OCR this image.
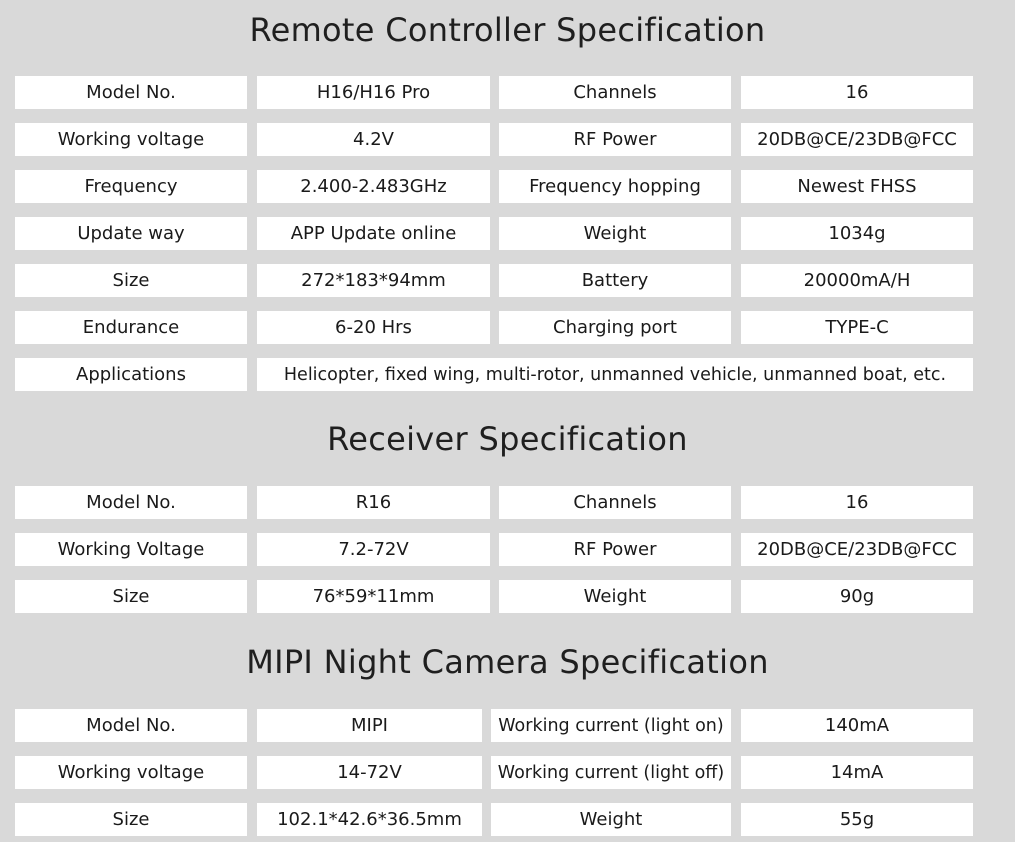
Remote Controller Specification
Model No.	H16/H16 Pro	Channels	16
Working voltage	4.2V	RF Power	20DB@CE/23DB@FCC
Frequency	2.400-2.483GHz	Frequency hopping	Newest FHSS
Update way	APP Update online	Weight	1034g
Size	272*183*94mm	Battery	20000mA/H
Endurance	6-20 Hrs	Charging port	TYPE-C
Applications	Helicopter, fixed wing, multi-rotor, unmanned vehicle, unmanned boat, etc.
Receiver Specification
Model No.	R16	Channels	16
Working Voltage	7.2-72V	RF Power	20DB@CE/23DB@FCC
Size	76*59*11mm	Weight	90g
MIPI Night Camera Specification
Model No.	MIPI	Working current (light on)	140mA
Working voltage	14-72V	Working current (light off)	14mA
Size	102.1*42.6*36.5mm	Weight	55g
